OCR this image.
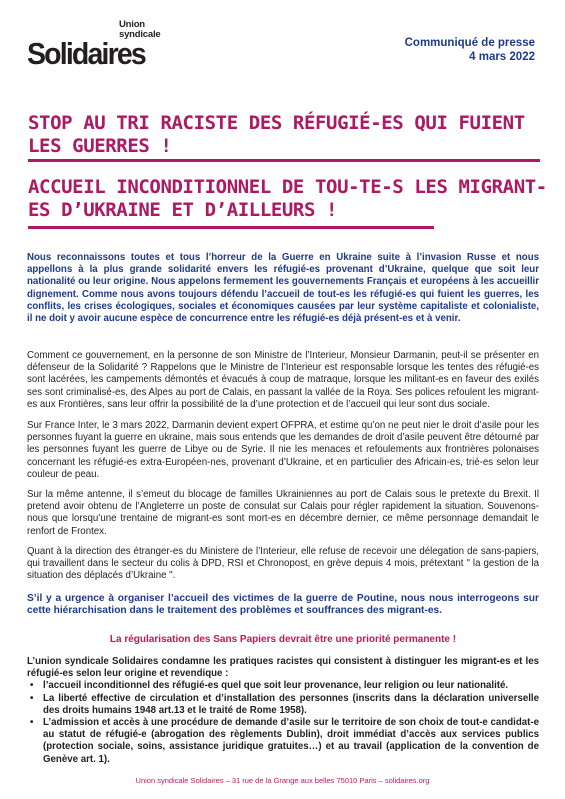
Union
syndicale
Solidaires	Communiqué de presse
4 mars 2022
STOP AU TRI RACISTE DES RÉFUGIÉ-ES QUI FUIENT LES GUERRES !
ACCUEIL INCONDITIONNEL DE TOU-TE-S LES MIGRANT-ES D’UKRAINE ET D’AILLEURS !
Nous reconnaissons toutes et tous l’horreur de la Guerre en Ukraine suite à l’invasion Russe et nous appellons à la plus grande solidarité envers les réfugié-es provenant d’Ukraine, quelque que soit leur nationalité ou leur origine. Nous appelons fermement les gouvernements Français et européens à les accueillir dignement. Comme nous avons toujours défendu l’accueil de tout-es les réfugié-es qui fuient les guerres, les conflits, les crises écologiques, sociales et économiques causées par leur système capitaliste et colonialiste, il ne doit y avoir aucune espèce de concurrence entre les réfugié-es déjà présent-es et à venir.
Comment ce gouvernement, en la personne de son Ministre de l’Interieur, Monsieur Darmanin, peut-il se présenter en défenseur de la Solidarité ? Rappelons que le Ministre de l’Interieur est responsable lorsque les tentes des réfugié-es sont lacérées, les campements démontés et évacués à coup de matraque, lorsque les militant-es en faveur des exilés ses sont criminalisé-es, des Alpes au port de Calais, en passant la vallée de la Roya. Ses polices refoulent les migrant-es aux Frontières, sans leur offrir la possibilité de la d’une protection et de l’accueil qui leur sont dus sociale.
Sur France Inter, le 3 mars 2022, Darmanin devient expert OFPRA, et estime qu’on ne peut nier le droit d’asile pour les personnes fuyant la guerre en ukraine, mais sous entends que les demandes de droit d’asile peuvent être détourné par les personnes fuyant les guerre de Libye ou de Syrie. Il nie les menaces et refoulements aux frontrières polonaises concernant les réfugié-es extra-Européen-nes, provenant d’Ukraine, et en particulier des Africain-es, trié-es selon leur couleur de peau.
Sur la même antenne, il s’emeut du blocage de familles Ukrainiennes au port de Calais sous le pretexte du Brexit. Il pretend avoir obtenu de l’Angleterre un poste de consulat sur Calais pour régler rapidement la situation. Souvenons-nous que lorsqu’une trentaine de migrant-es sont mort-es en décembre dernier, ce même personnage demandait le renfort de Frontex.
Quant à la direction des étranger-es du Ministere de l’Interieur, elle refuse de recevoir une délegation de sans-papiers, qui travaillent dans le secteur du colis à DPD, RSI et Chronopost, en grève depuis 4 mois, prétextant " la gestion de la situation des déplacés d’Ukraine ".
S’il y a urgence à organiser l’accueil des victimes de la guerre de Poutine, nous nous interrogeons sur cette hiérarchisation dans le traitement des problèmes et souffrances des migrant-es.
La régularisation des Sans Papiers devrait être une priorité permanente !
L’union syndicale Solidaires condamne les pratiques racistes qui consistent à distinguer les migrant-es et les réfugié-es selon leur origine et revendique :
• l’accueil inconditionnel des réfugié-es quel que soit leur provenance, leur religion ou leur nationalité.
• La liberté effective de circulation et d’installation des personnes (inscrits dans la déclaration universelle des droits humains 1948 art.13 et le traité de Rome 1958).
• L’admission et accès à une procédure de demande d’asile sur le territoire de son choix de tout-e candidat-e au statut de réfugié-e (abrogation des règlements Dublin), droit immédiat d’accès aux services publics (protection sociale, soins, assistance juridique gratuites…) et au travail (application de la convention de Genève art. 1).
Union syndicale Solidaires – 31 rue de la Grange aux belles 75010 Paris – solidaires.org
